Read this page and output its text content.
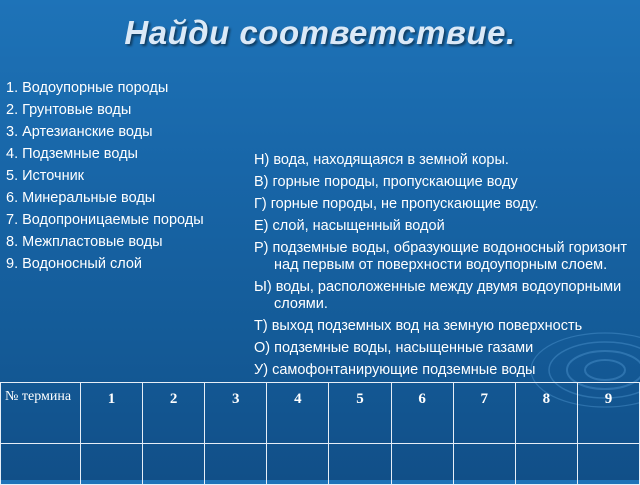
Найди соответствие.
1. Водоупорные породы
2. Грунтовые воды
3. Артезианские воды
4. Подземные воды
5. Источник
6. Минеральные воды
7. Водопроницаемые породы
8. Межпластовые воды
9. Водоносный слой
Н) вода, находящаяся в земной коры.
В) горные породы, пропускающие воду
Г) горные породы, не пропускающие воду.
Е) слой, насыщенный водой
Р) подземные воды, образующие водоносный горизонт над первым от поверхности водоупорным слоем.
Ы) воды, расположенные между двумя водоупорными слоями.
Т) выход подземных вод на земную поверхность
О) подземные воды, насыщенные газами
У) самофонтанирующие подземные воды
№ термина	1	2	3	4	5	6	7	8	9
